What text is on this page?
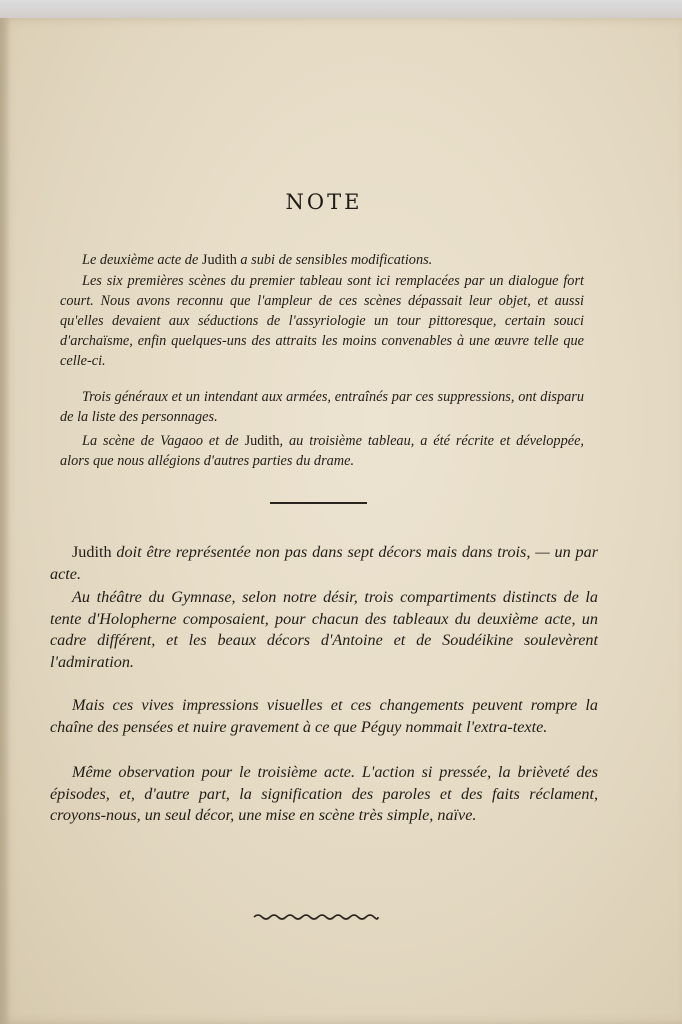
NOTE

Le deuxième acte de Judith a subi de sensibles modifications.

Les six premières scènes du premier tableau sont ici remplacées par un dialogue fort court. Nous avons reconnu que l'ampleur de ces scènes dépassait leur objet, et aussi qu'elles devaient aux séductions de l'assyriologie un tour pittoresque, certain souci d'archaïsme, enfin quelques-uns des attraits les moins convenables à une œuvre telle que celle-ci.

Trois généraux et un intendant aux armées, entraînés par ces suppressions, ont disparu de la liste des personnages.

La scène de Vagaoo et de Judith, au troisième tableau, a été récrite et développée, alors que nous allégions d'autres parties du drame.

Judith doit être représentée non pas dans sept décors mais dans trois, — un par acte.

Au théâtre du Gymnase, selon notre désir, trois compartiments distincts de la tente d'Holopherne composaient, pour chacun des tableaux du deuxième acte, un cadre différent, et les beaux décors d'Antoine et de Soudéikine soulevèrent l'admiration.

Mais ces vives impressions visuelles et ces changements peuvent rompre la chaîne des pensées et nuire gravement à ce que Péguy nommait l'extra-texte.

Même observation pour le troisième acte. L'action si pressée, la brièveté des épisodes, et, d'autre part, la signification des paroles et des faits réclament, croyons-nous, un seul décor, une mise en scène très simple, naïve.
